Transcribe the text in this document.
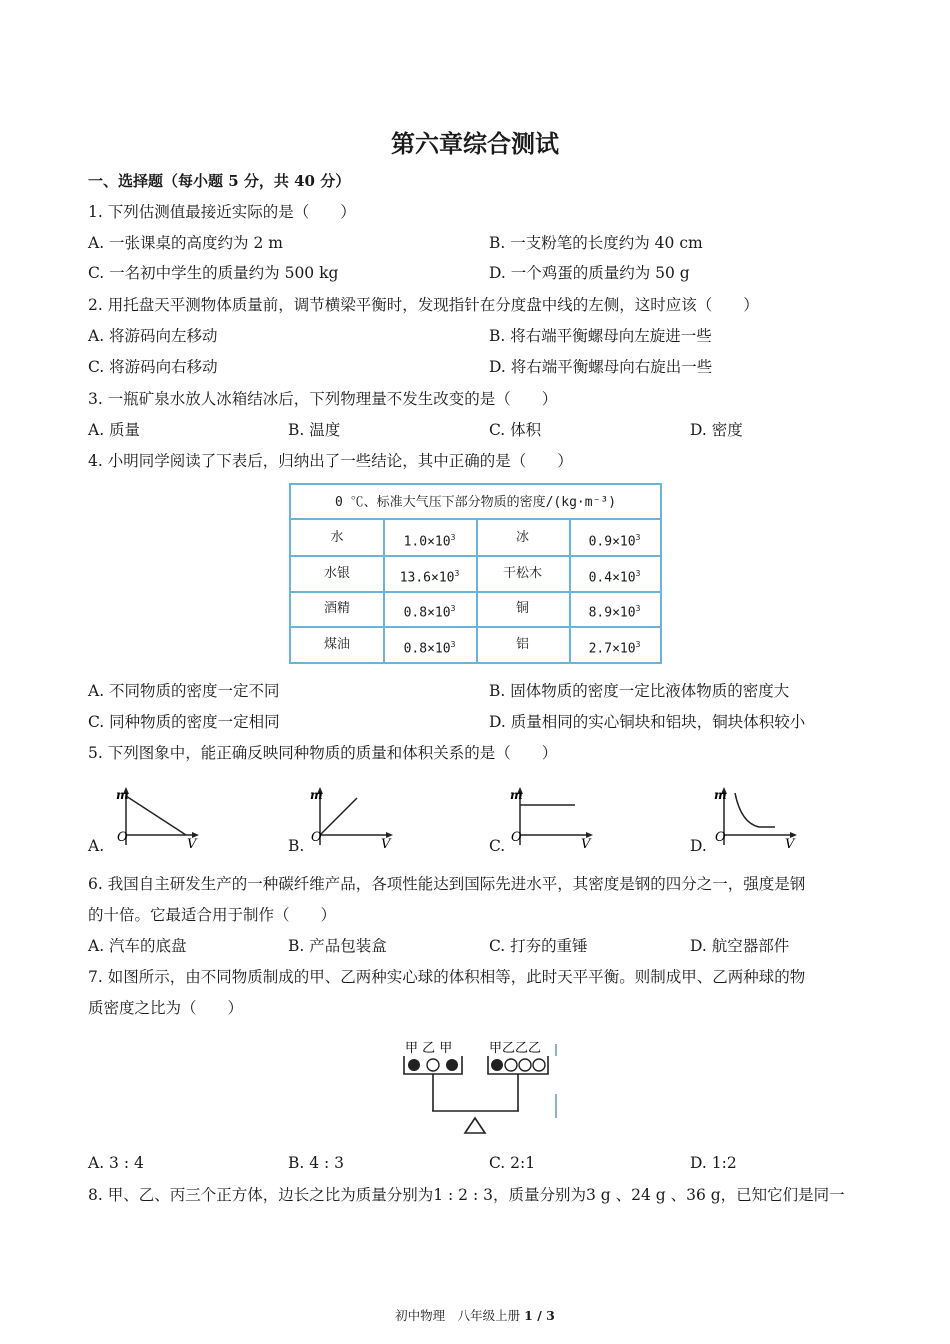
第六章综合测试
一、选择题（每小题 5 分，共 40 分）
1. 下列估测值最接近实际的是（　　）
A. 一张课桌的高度约为 2 m	B. 一支粉笔的长度约为 40 cm
C. 一名初中学生的质量约为 500 kg	D. 一个鸡蛋的质量约为 50 g
2. 用托盘天平测物体质量前，调节横梁平衡时，发现指针在分度盘中线的左侧，这时应该（　　）
A. 将游码向左移动	B. 将右端平衡螺母向左旋进一些
C. 将游码向右移动	D. 将右端平衡螺母向右旋出一些
3. 一瓶矿泉水放人冰箱结冰后，下列物理量不发生改变的是（　　）
A. 质量	B. 温度	C. 体积	D. 密度
4. 小明同学阅读了下表后，归纳出了一些结论，其中正确的是（　　）
0 ℃、标准大气压下部分物质的密度/(kg·m⁻³)
水	$1.0\times 10^3$	冰	$0.9\times 10^3$
水银	$13.6\times 10^3$	干松木	$0.4\times 10^3$
酒精	$0.8\times 10^3$	铜	$8.9\times 10^3$
煤油	$0.8\times 10^3$	铝	$2.7\times 10^3$
A. 不同物质的密度一定不同	B. 固体物质的密度一定比液体物质的密度大
C. 同种物质的密度一定相同	D. 质量相同的实心铜块和铝块，铜块体积较小
5. 下列图象中，能正确反映同种物质的质量和体积关系的是（　　）
A.
m
O	V	B.
m
O	V	C.
m
O	V	D.
m
O	V
6. 我国自主研发生产的一种碳纤维产品，各项性能达到国际先进水平，其密度是钢的四分之一，强度是钢
的十倍。它最适合用于制作（　　）
A. 汽车的底盘	B. 产品包装盒	C. 打夯的重锤	D. 航空器部件
7. 如图所示，由不同物质制成的甲、乙两种实心球的体积相等，此时天平平衡。则制成甲、乙两种球的物
质密度之比为（　　）
甲 乙 甲	甲乙乙乙
A. 3 : 4	B. 4 : 3	C. 2:1	D. 1:2
8. 甲、乙、丙三个正方体，边长之比为质量分别为1 : 2 : 3，质量分别为3 g 、24 g 、36 g，已知它们是同一
初中物理　八年级上册 1 / 3
